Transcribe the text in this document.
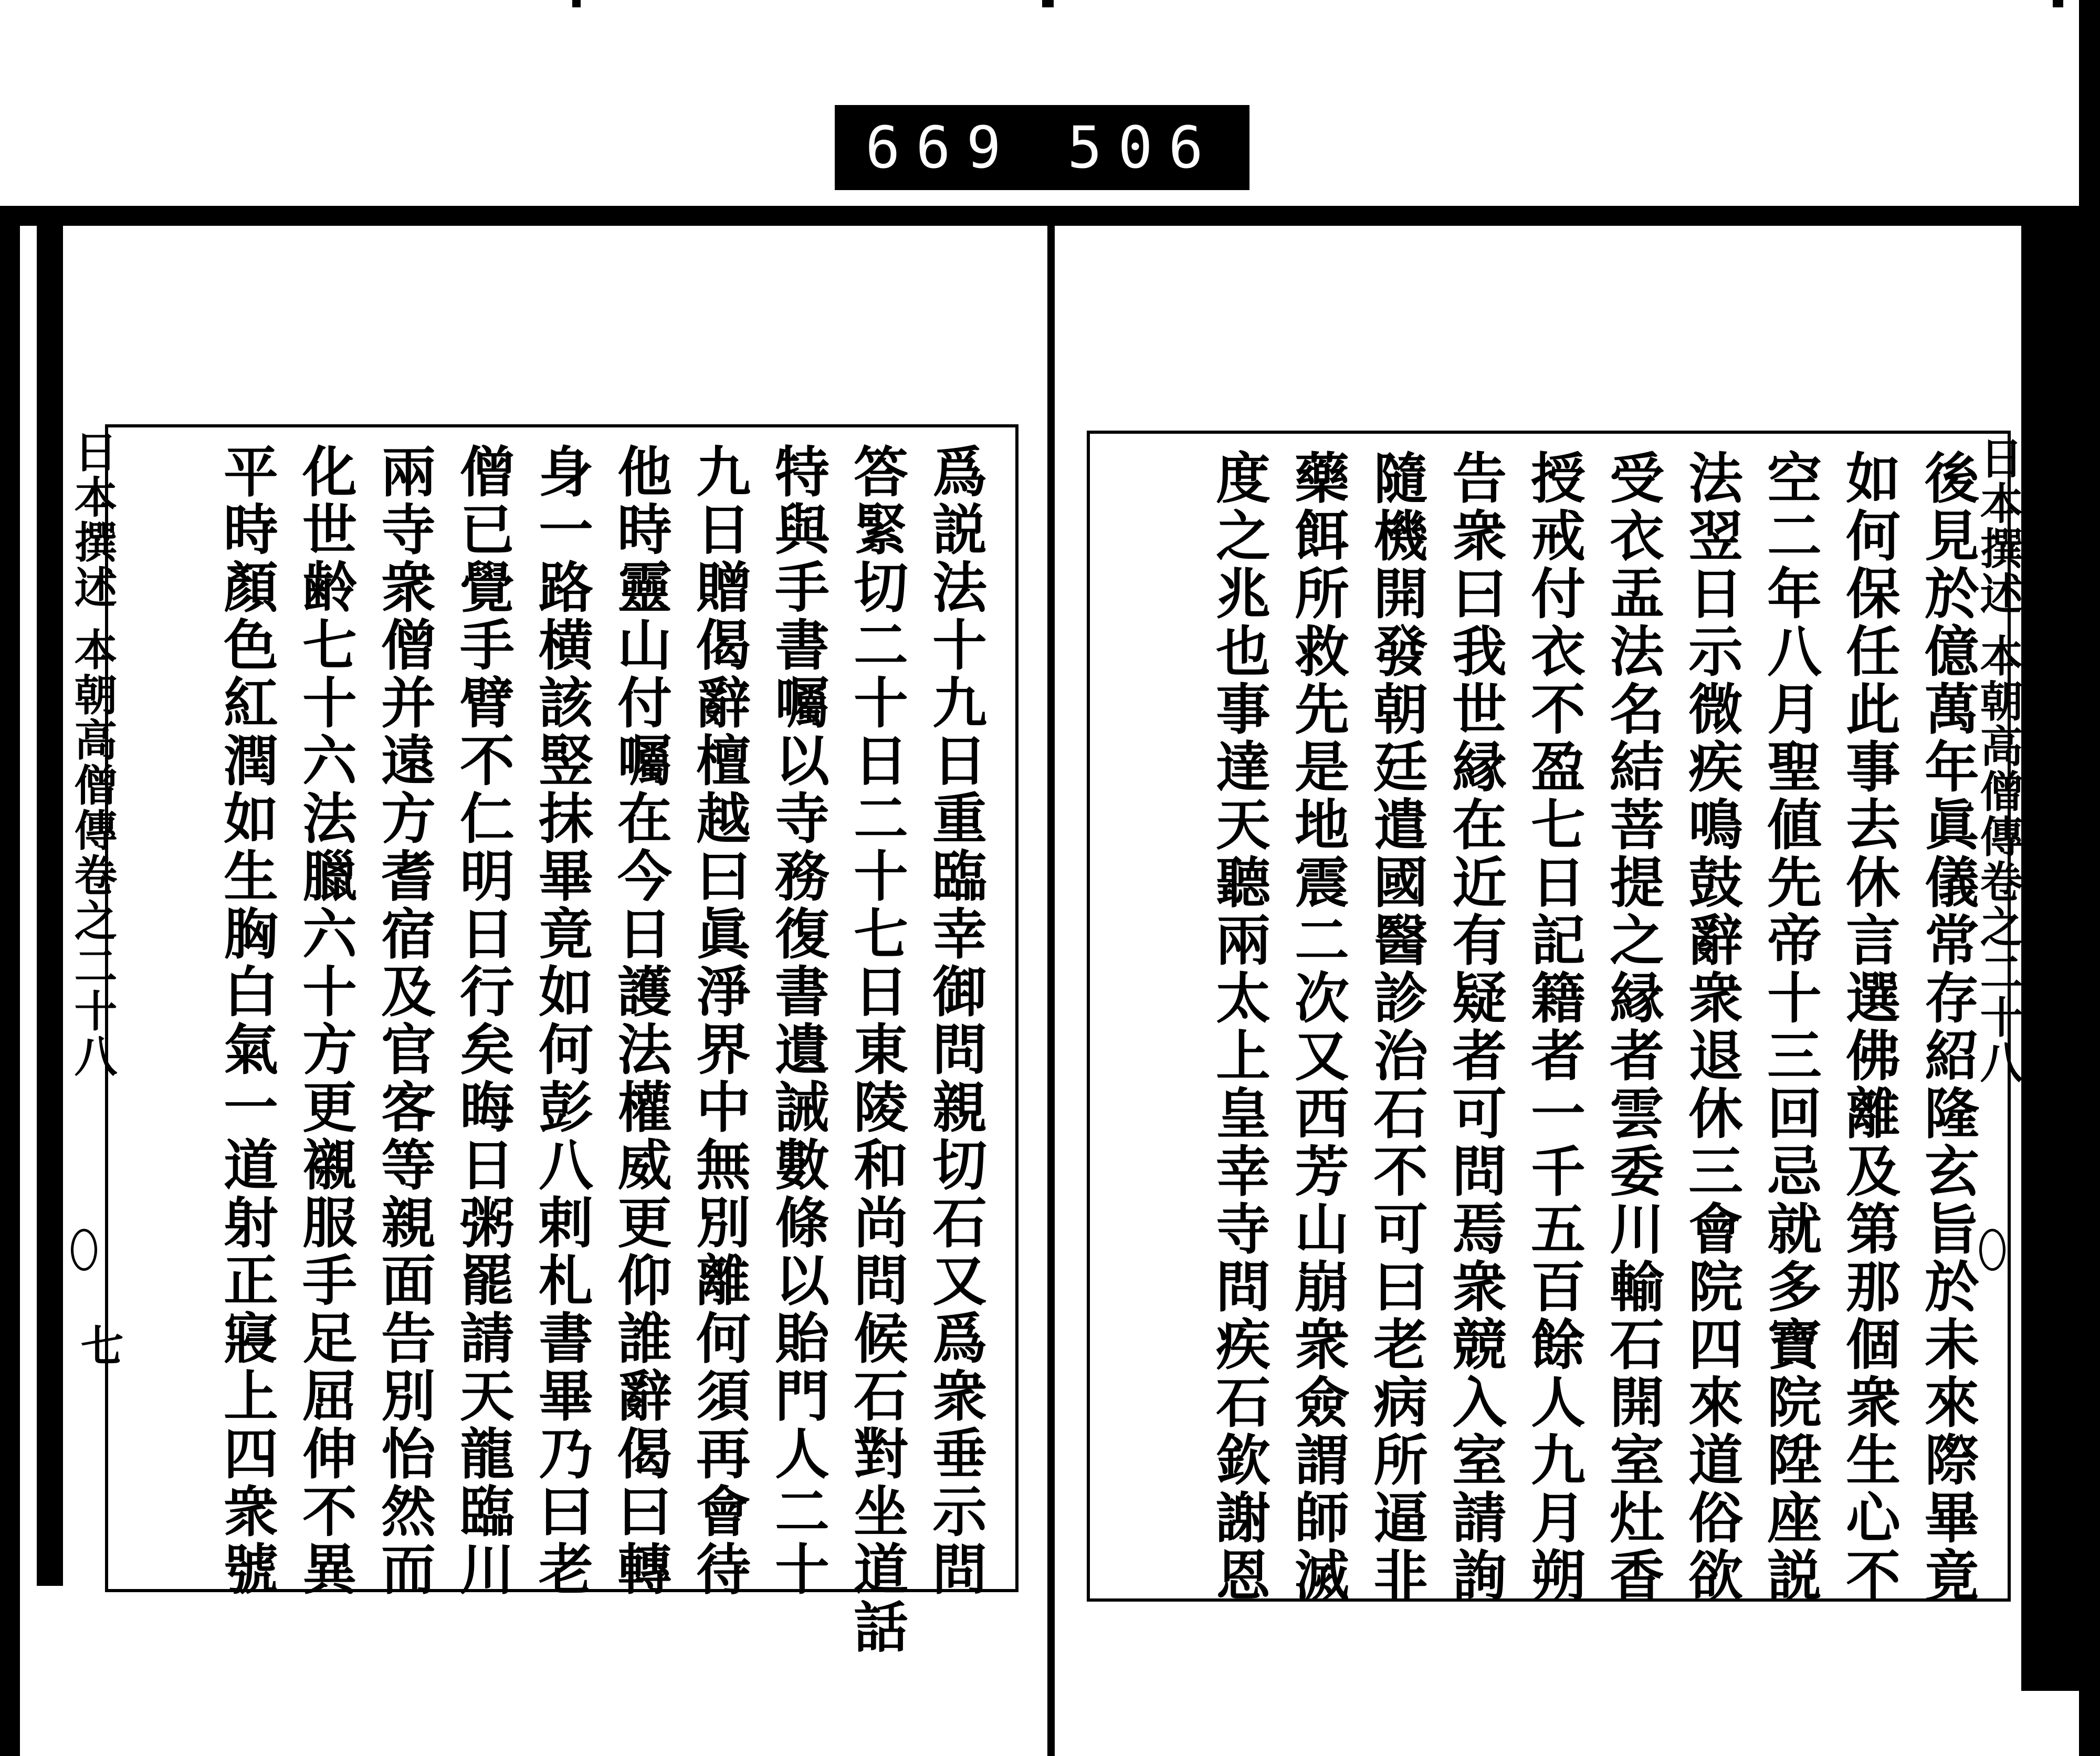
669 506
日本撰述 本朝高僧傳卷之二十八
七	爲説法十九日重臨幸御問親切石又爲衆垂示問
答緊切二十日二十七日東陵和尚問候石對坐道話
特與手書囑以寺務復書遺誡數條以貽門人二十
九日贈偈辭檀越曰眞淨界中無別離何須再會待
他時靈山付囑在今日護法權威更仰誰辭偈曰轉
身一路横該竪抹畢竟如何彭八剌札書畢乃曰老
僧已覺手臂不仁明日行矣晦日粥罷請天龍臨川
兩寺衆僧并遠方耆宿及官客等親面告別怡然而
化世齢七十六法臘六十方更襯服手足屈伸不異
平時顏色紅潤如生胸白氣一道射正寢上四衆號	後見於億萬年眞儀常存紹隆玄旨於未來際畢竟
如何保任此事去休言選佛離及第那個衆生心不
空二年八月聖値先帝十三回忌就多寶院陞座説
法翌日示微疾鳴鼓辭衆退休三會院四來道俗欲
受衣盂法名結菩提之縁者雲委川輸石開室灶香
授戒付衣不盈七日記籍者一千五百餘人九月朔
告衆曰我世縁在近有疑者可問焉衆競入室請詢
隨機開發朝廷遣國醫診治石不可曰老病所逼非
藥餌所救先是地震二次又西芳山崩衆僉謂師滅
度之兆也事達天聽兩太上皇幸寺問疾石欽謝恩	日本撰述 本朝高僧傳卷之二十八
